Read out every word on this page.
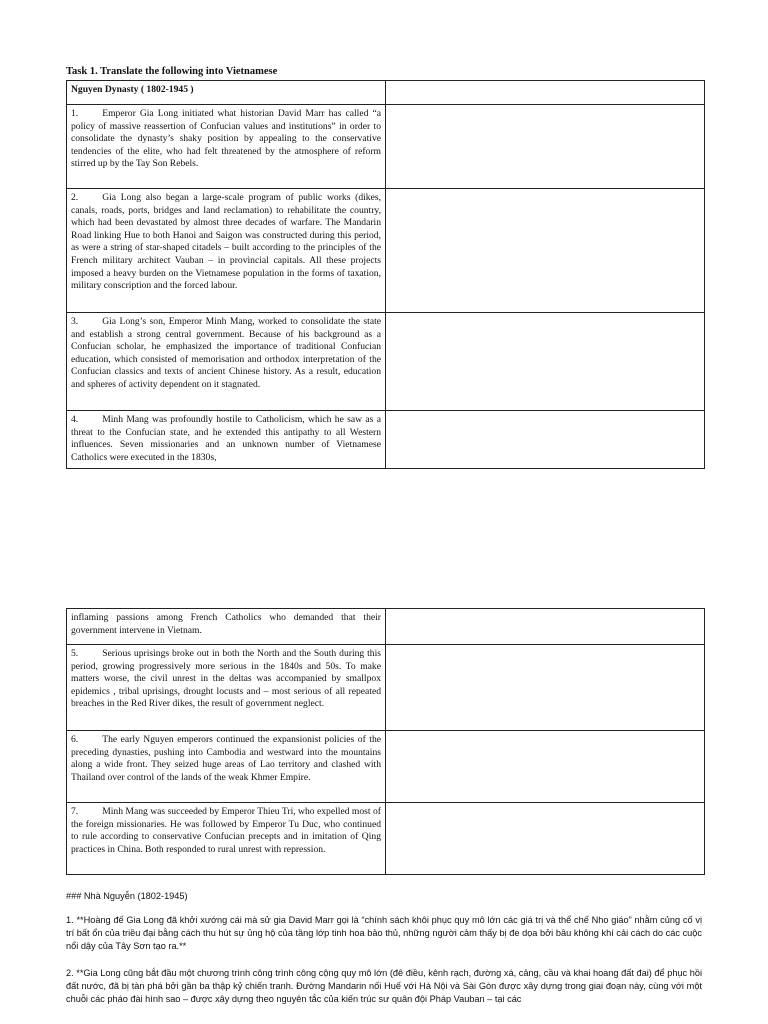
Task 1. Translate the following into Vietnamese
Nguyen Dynasty ( 1802-1945 )	
1. Emperor Gia Long initiated what historian David Marr has called “a policy of massive reassertion of Confucian values and institutions” in order to consolidate the dynasty’s shaky position by appealing to the conservative tendencies of the elite, who had felt threatened by the atmosphere of reform stirred up by the Tay Son Rebels.	
2. Gia Long also began a large-scale program of public works (dikes, canals, roads, ports, bridges and land reclamation) to rehabilitate the country, which had been devastated by almost three decades of warfare. The Mandarin Road linking Hue to both Hanoi and Saigon was constructed during this period, as were a string of star-shaped citadels – built according to the principles of the French military architect Vauban – in provincial capitals. All these projects imposed a heavy burden on the Vietnamese population in the forms of taxation, military conscription and the forced labour.	
3. Gia Long’s son, Emperor Minh Mang, worked to consolidate the state and establish a strong central government. Because of his background as a Confucian scholar, he emphasized the importance of traditional Confucian education, which consisted of memorisation and orthodox interpretation of the Confucian classics and texts of ancient Chinese history. As a result, education and spheres of activity dependent on it stagnated.	

4. Minh Mang was profoundly hostile to Catholicism, which he saw as a threat to the Confucian state, and he extended this antipathy to all Western influences. Seven missionaries and an unknown number of Vietnamese Catholics were executed in the 1830s,	

inflaming passions among French Catholics who demanded that their government intervene in Vietnam.	
5. Serious uprisings broke out in both the North and the South during this period, growing progressively more serious in the 1840s and 50s. To make matters worse, the civil unrest in the deltas was accompanied by smallpox epidemics , tribal uprisings, drought locusts and – most serious of all repeated breaches in the Red River dikes, the result of government neglect.	
6. The early Nguyen emperors continued the expansionist policies of the preceding dynasties, pushing into Cambodia and westward into the mountains along a wide front. They seized huge areas of Lao territory and clashed with Thailand over control of the lands of the weak Khmer Empire.	
7. Minh Mang was succeeded by Emperor Thieu Tri, who expelled most of the foreign missionaries. He was followed by Emperor Tu Duc, who continued to rule according to conservative Confucian precepts and in imitation of Qing practices in China. Both responded to rural unrest with repression.	
### Nhà Nguyễn (1802-1945)
1. **Hoàng đế Gia Long đã khởi xướng cái mà sử gia David Marr gọi là “chính sách khôi phục quy mô lớn các giá trị và thể chế Nho giáo” nhằm củng cố vị trí bất ổn của triều đại bằng cách thu hút sự ủng hộ của tầng lớp tinh hoa bảo thủ, những người cảm thấy bị đe dọa bởi bầu không khí cải cách do các cuộc nổi dậy của Tây Sơn tạo ra.**
2. **Gia Long cũng bắt đầu một chương trình công trình công cộng quy mô lớn (đê điều, kênh rạch, đường xá, cảng, cầu và khai hoang đất đai) để phục hồi đất nước, đã bị tàn phá bởi gần ba thập kỷ chiến tranh. Đường Mandarin nối Huế với Hà Nội và Sài Gòn được xây dựng trong giai đoạn này, cùng với một chuỗi các pháo đài hình sao – được xây dựng theo nguyên tắc của kiến trúc sư quân đội Pháp Vauban – tại các
